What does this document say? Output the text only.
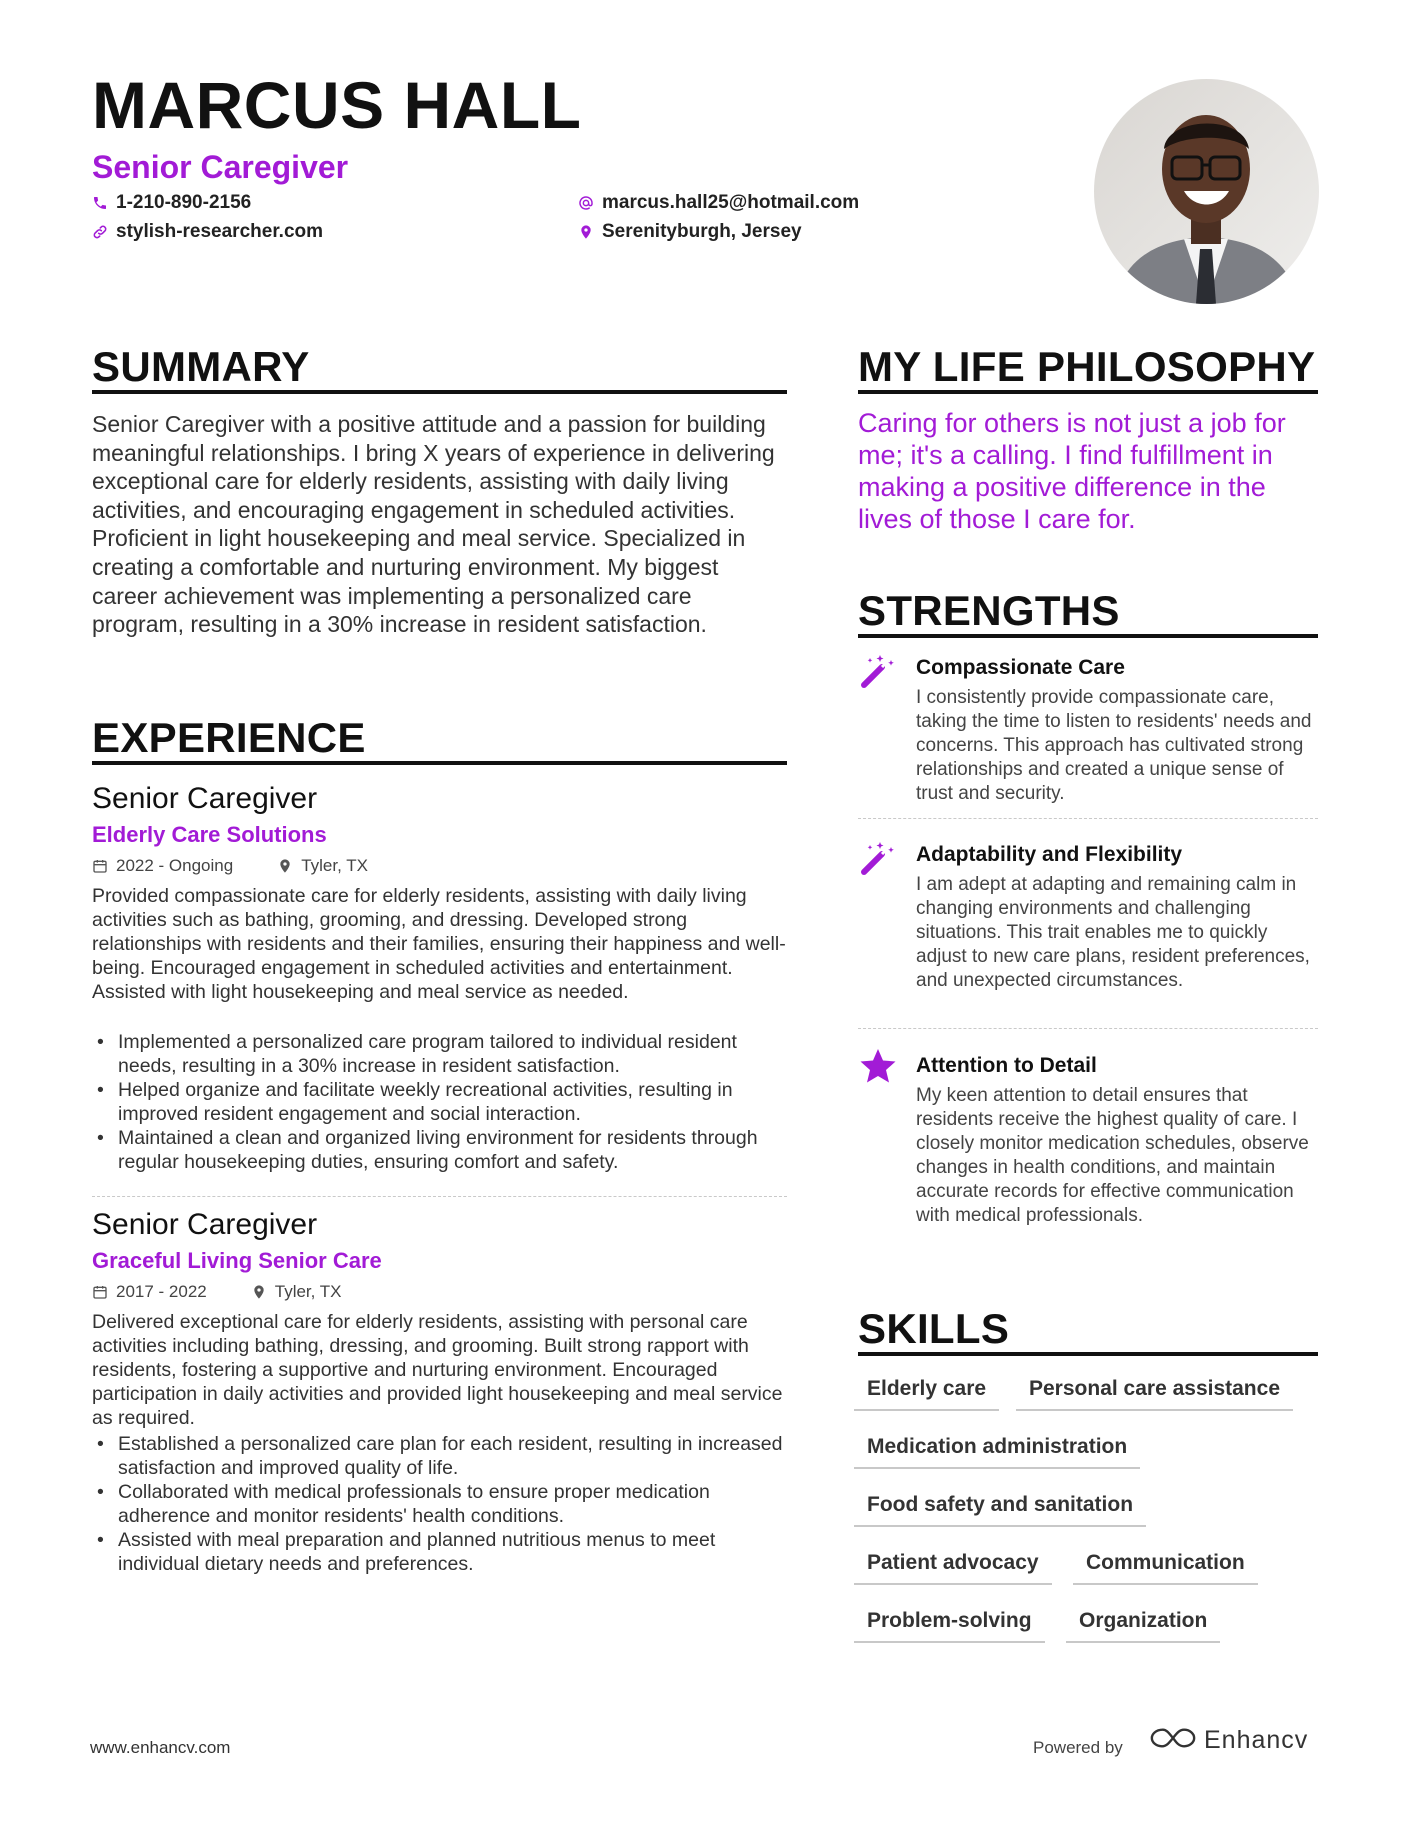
MARCUS HALL
Senior Caregiver
1-210-890-2156	marcus.hall25@hotmail.com
stylish-researcher.com	Serenityburgh, Jersey
SUMMARY

Senior Caregiver with a positive attitude and a passion for building meaningful relationships. I bring X years of experience in delivering exceptional care for elderly residents, assisting with daily living activities, and encouraging engagement in scheduled activities. Proficient in light housekeeping and meal service. Specialized in creating a comfortable and nurturing environment. My biggest career achievement was implementing a personalized care program, resulting in a 30% increase in resident satisfaction.

EXPERIENCE
Senior Caregiver
Elderly Care Solutions
2022 - Ongoing	Tyler, TX

Provided compassionate care for elderly residents, assisting with daily living activities such as bathing, grooming, and dressing. Developed strong relationships with residents and their families, ensuring their happiness and well-being. Encouraged engagement in scheduled activities and entertainment. Assisted with light housekeeping and meal service as needed.

• Implemented a personalized care program tailored to individual resident needs, resulting in a 30% increase in resident satisfaction.
• Helped organize and facilitate weekly recreational activities, resulting in improved resident engagement and social interaction.
• Maintained a clean and organized living environment for residents through regular housekeeping duties, ensuring comfort and safety.
Senior Caregiver
Graceful Living Senior Care
2017 - 2022	Tyler, TX

Delivered exceptional care for elderly residents, assisting with personal care activities including bathing, dressing, and grooming. Built strong rapport with residents, fostering a supportive and nurturing environment. Encouraged participation in daily activities and provided light housekeeping and meal service as required.

• Established a personalized care plan for each resident, resulting in increased satisfaction and improved quality of life.
• Collaborated with medical professionals to ensure proper medication adherence and monitor residents' health conditions.
• Assisted with meal preparation and planned nutritious menus to meet individual dietary needs and preferences.
MY LIFE PHILOSOPHY

Caring for others is not just a job for me; it's a calling. I find fulfillment in making a positive difference in the lives of those I care for.

STRENGTHS
Compassionate Care

I consistently provide compassionate care, taking the time to listen to residents' needs and concerns. This approach has cultivated strong relationships and created a unique sense of trust and security.

Adaptability and Flexibility

I am adept at adapting and remaining calm in changing environments and challenging situations. This trait enables me to quickly adjust to new care plans, resident preferences, and unexpected circumstances.

Attention to Detail

My keen attention to detail ensures that residents receive the highest quality of care. I closely monitor medication schedules, observe changes in health conditions, and maintain accurate records for effective communication with medical professionals.

SKILLS
Elderly care	Personal care assistance
Medication administration
Food safety and sanitation
Patient advocacy	Communication
Problem-solving	Organization
www.enhancv.com	Powered by	Enhancv
